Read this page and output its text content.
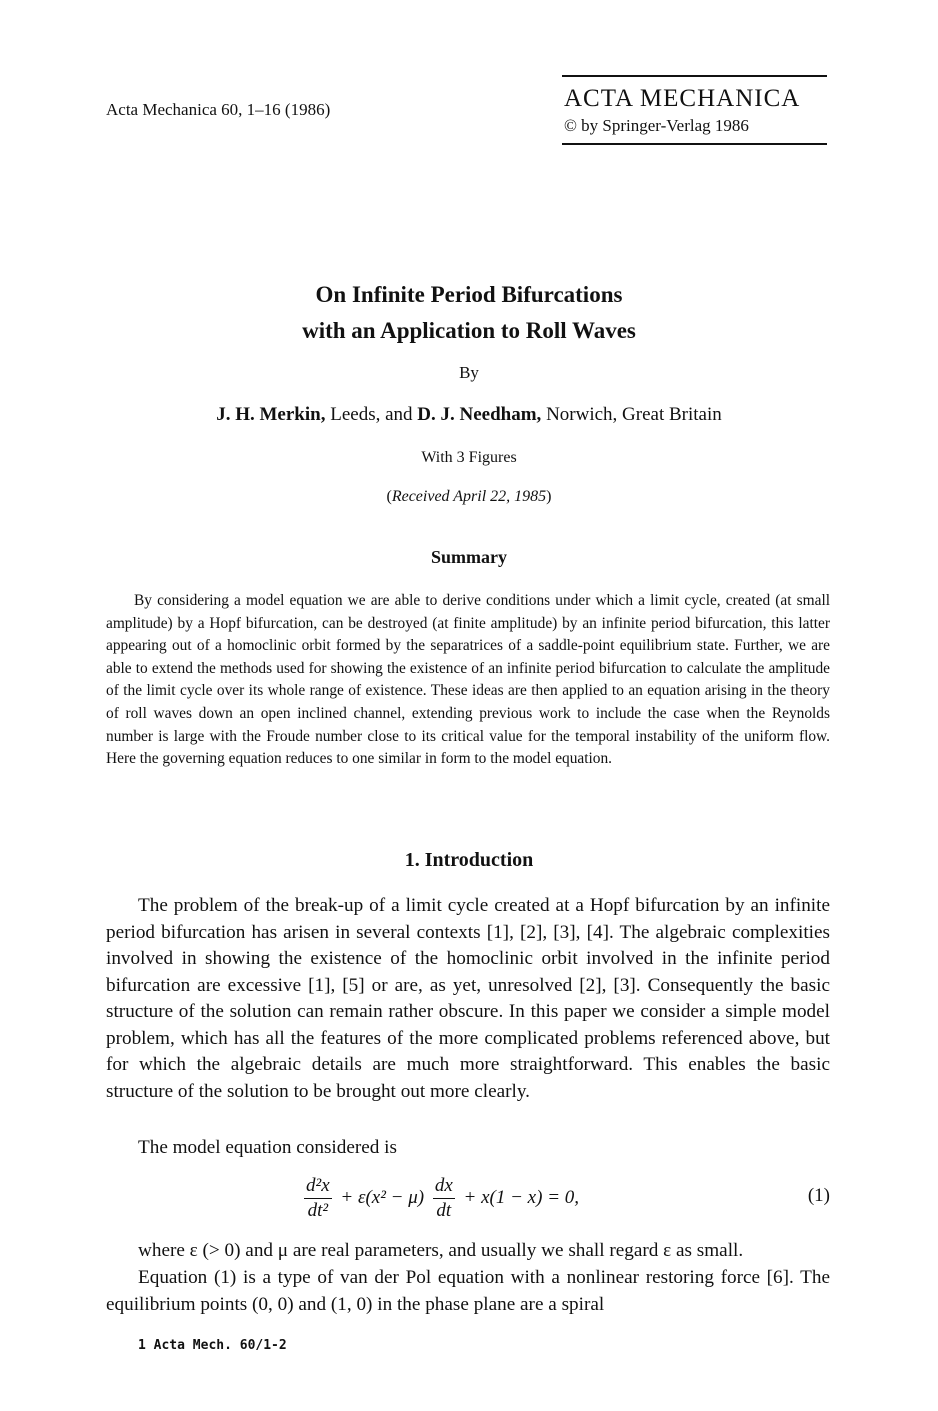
Acta Mechanica 60, 1–16 (1986)	ACTA MECHANICA
© by Springer-Verlag 1986
On Infinite Period Bifurcations
with an Application to Roll Waves
By
J. H. Merkin, Leeds, and D. J. Needham, Norwich, Great Britain
With 3 Figures
(Received April 22, 1985)
Summary

By considering a model equation we are able to derive conditions under which a limit cycle, created (at small amplitude) by a Hopf bifurcation, can be destroyed (at finite amplitude) by an infinite period bifurcation, this latter appearing out of a homoclinic orbit formed by the separatrices of a saddle-point equilibrium state. Further, we are able to extend the methods used for showing the existence of an infinite period bifurcation to calculate the amplitude of the limit cycle over its whole range of existence. These ideas are then applied to an equation arising in the theory of roll waves down an open inclined channel, extending previous work to include the case when the Reynolds number is large with the Froude number close to its critical value for the temporal instability of the uniform flow. Here the governing equation reduces to one similar in form to the model equation.

1. Introduction

The problem of the break-up of a limit cycle created at a Hopf bifurcation by an infinite period bifurcation has arisen in several contexts [1], [2], [3], [4]. The algebraic complexities involved in showing the existence of the homoclinic orbit involved in the infinite period bifurcation are excessive [1], [5] or are, as yet, unresolved [2], [3]. Consequently the basic structure of the solution can remain rather obscure. In this paper we consider a simple model problem, which has all the features of the more complicated problems referenced above, but for which the algebraic details are much more straightforward. This enables the basic structure of the solution to be brought out more clearly.

The model equation considered is

$\frac{\text{d²x}}{\text{dt²}} + \varepsilon(x^2 - \mu) \frac{dx}{dt} + x(1 - x) = 0$,	(1)

where ε (> 0) and μ are real parameters, and usually we shall regard ε as small.

Equation (1) is a type of van der Pol equation with a nonlinear restoring force [6]. The equilibrium points (0, 0) and (1, 0) in the phase plane are a spiral

1 Acta Mech. 60/1-2
